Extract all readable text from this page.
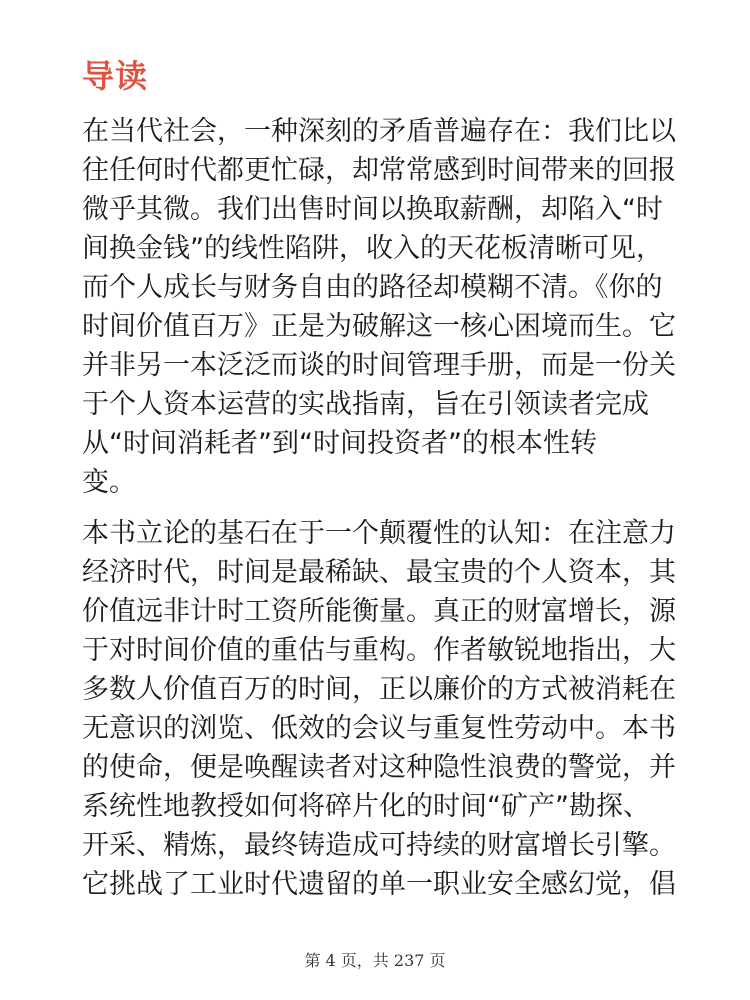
导读
在当代社会，一种深刻的矛盾普遍存在：我们比以
往任何时代都更忙碌，却常常感到时间带来的回报
微乎其微。我们出售时间以换取薪酬，却陷入“时
间换金钱”的线性陷阱，收入的天花板清晰可见，
而个人成长与财务自由的路径却模糊不清。《你的
时间价值百万》正是为破解这一核心困境而生。它
并非另一本泛泛而谈的时间管理手册，而是一份关
于个人资本运营的实战指南，旨在引领读者完成
从“时间消耗者”到“时间投资者”的根本性转
变。
本书立论的基石在于一个颠覆性的认知：在注意力
经济时代，时间是最稀缺、最宝贵的个人资本，其
价值远非计时工资所能衡量。真正的财富增长，源
于对时间价值的重估与重构。作者敏锐地指出，大
多数人价值百万的时间，正以廉价的方式被消耗在
无意识的浏览、低效的会议与重复性劳动中。本书
的使命，便是唤醒读者对这种隐性浪费的警觉，并
系统性地教授如何将碎片化的时间“矿产”勘探、
开采、精炼，最终铸造成可持续的财富增长引擎。
它挑战了工业时代遗留的单一职业安全感幻觉，倡
第 4 页，共 237 页
